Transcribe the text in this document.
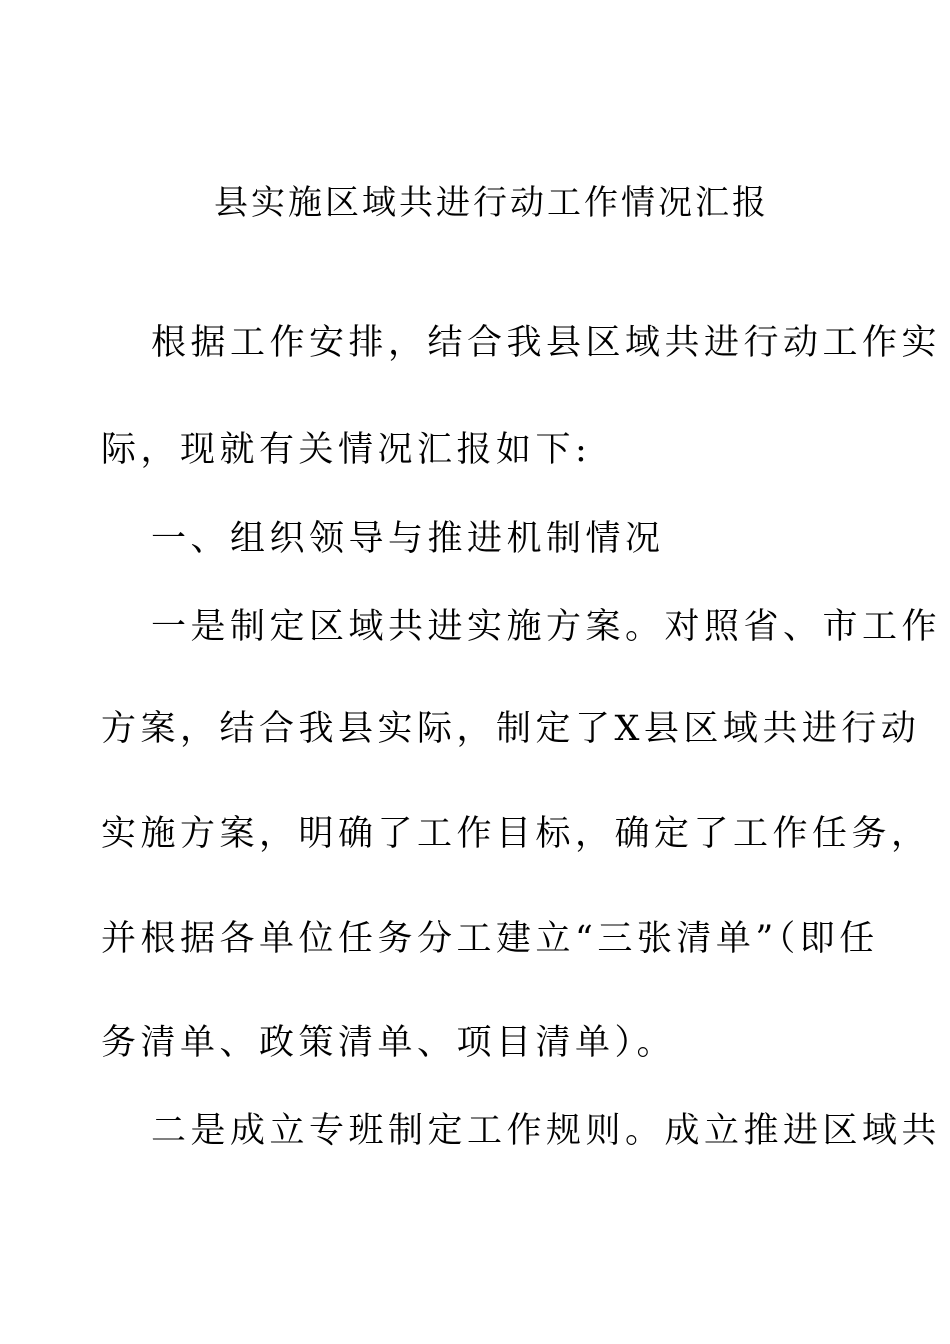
县实施区域共进行动工作情况汇报
根据工作安排，结合我县区域共进行动工作实
际，现就有关情况汇报如下:
一、组织领导与推进机制情况
一是制定区域共进实施方案。对照省、市工作
方案，结合我县实际，制定了X县区域共进行动
实施方案，明确了工作目标，确定了工作任务，
并根据各单位任务分工建立“三张清单”（即任
务清单、政策清单、项目清单）。
二是成立专班制定工作规则。成立推进区域共
